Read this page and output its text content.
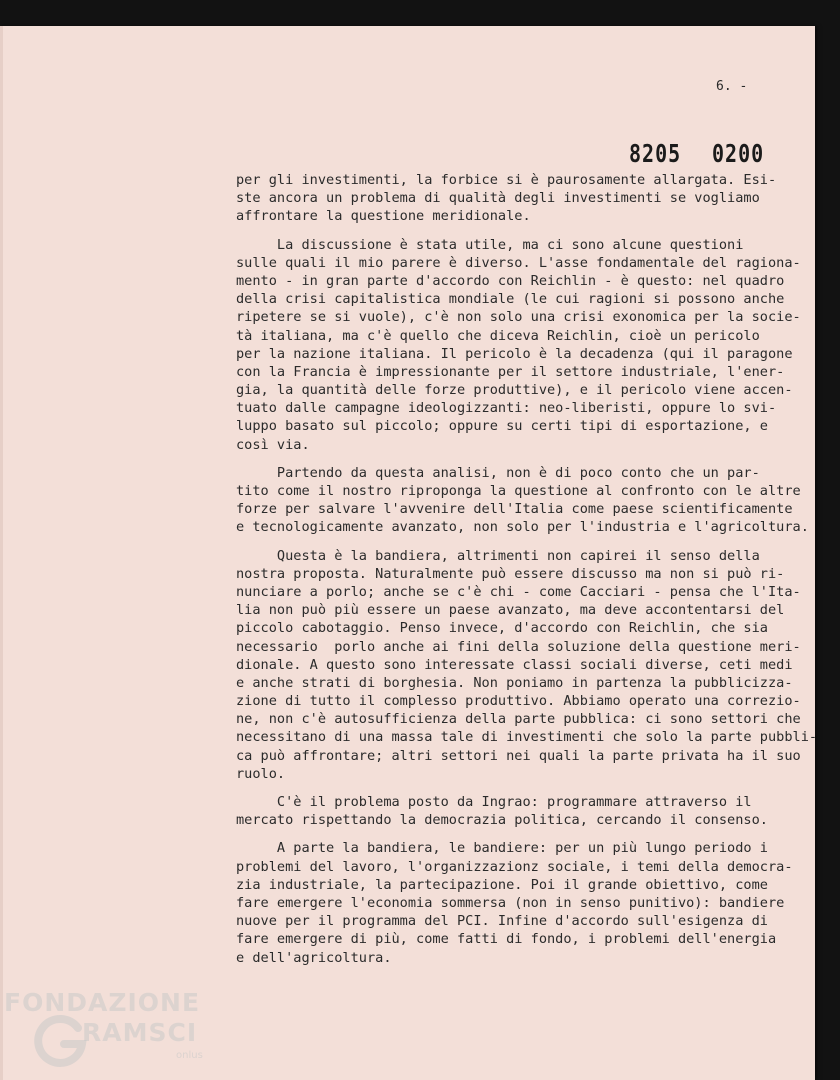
6. -
8205 0200
per gli investimenti, la forbice si è paurosamente allargata. Esi-
ste ancora un problema di qualità degli investimenti se vogliamo
affrontare la questione meridionale.
La discussione è stata utile, ma ci sono alcune questioni
sulle quali il mio parere è diverso. L'asse fondamentale del ragiona-
mento - in gran parte d'accordo con Reichlin - è questo: nel quadro
della crisi capitalistica mondiale (le cui ragioni si possono anche
ripetere se si vuole), c'è non solo una crisi exonomica per la socie-
tà italiana, ma c'è quello che diceva Reichlin, cioè un pericolo
per la nazione italiana. Il pericolo è la decadenza (qui il paragone
con la Francia è impressionante per il settore industriale, l'ener-
gia, la quantità delle forze produttive), e il pericolo viene accen-
tuato dalle campagne ideologizzanti: neo-liberisti, oppure lo svi-
luppo basato sul piccolo; oppure su certi tipi di esportazione, e
così via.
Partendo da questa analisi, non è di poco conto che un par-
tito come il nostro riproponga la questione al confronto con le altre
forze per salvare l'avvenire dell'Italia come paese scientificamente
e tecnologicamente avanzato, non solo per l'industria e l'agricoltura.
Questa è la bandiera, altrimenti non capirei il senso della
nostra proposta. Naturalmente può essere discusso ma non si può ri-
nunciare a porlo; anche se c'è chi - come Cacciari - pensa che l'Ita-
lia non può più essere un paese avanzato, ma deve accontentarsi del
piccolo cabotaggio. Penso invece, d'accordo con Reichlin, che sia
necessario  porlo anche ai fini della soluzione della questione meri-
dionale. A questo sono interessate classi sociali diverse, ceti medi
e anche strati di borghesia. Non poniamo in partenza la pubblicizza-
zione di tutto il complesso produttivo. Abbiamo operato una correzio-
ne, non c'è autosufficienza della parte pubblica: ci sono settori che
necessitano di una massa tale di investimenti che solo la parte pubbli-
ca può affrontare; altri settori nei quali la parte privata ha il suo
ruolo.
C'è il problema posto da Ingrao: programmare attraverso il
mercato rispettando la democrazia politica, cercando il consenso.
A parte la bandiera, le bandiere: per un più lungo periodo i
problemi del lavoro, l'organizzazionz sociale, i temi della democra-
zia industriale, la partecipazione. Poi il grande obiettivo, come
fare emergere l'economia sommersa (non in senso punitivo): bandiere
nuove per il programma del PCI. Infine d'accordo sull'esigenza di
fare emergere di più, come fatti di fondo, i problemi dell'energia
e dell'agricoltura.
FONDAZIONE
RAMSCI
onlus
